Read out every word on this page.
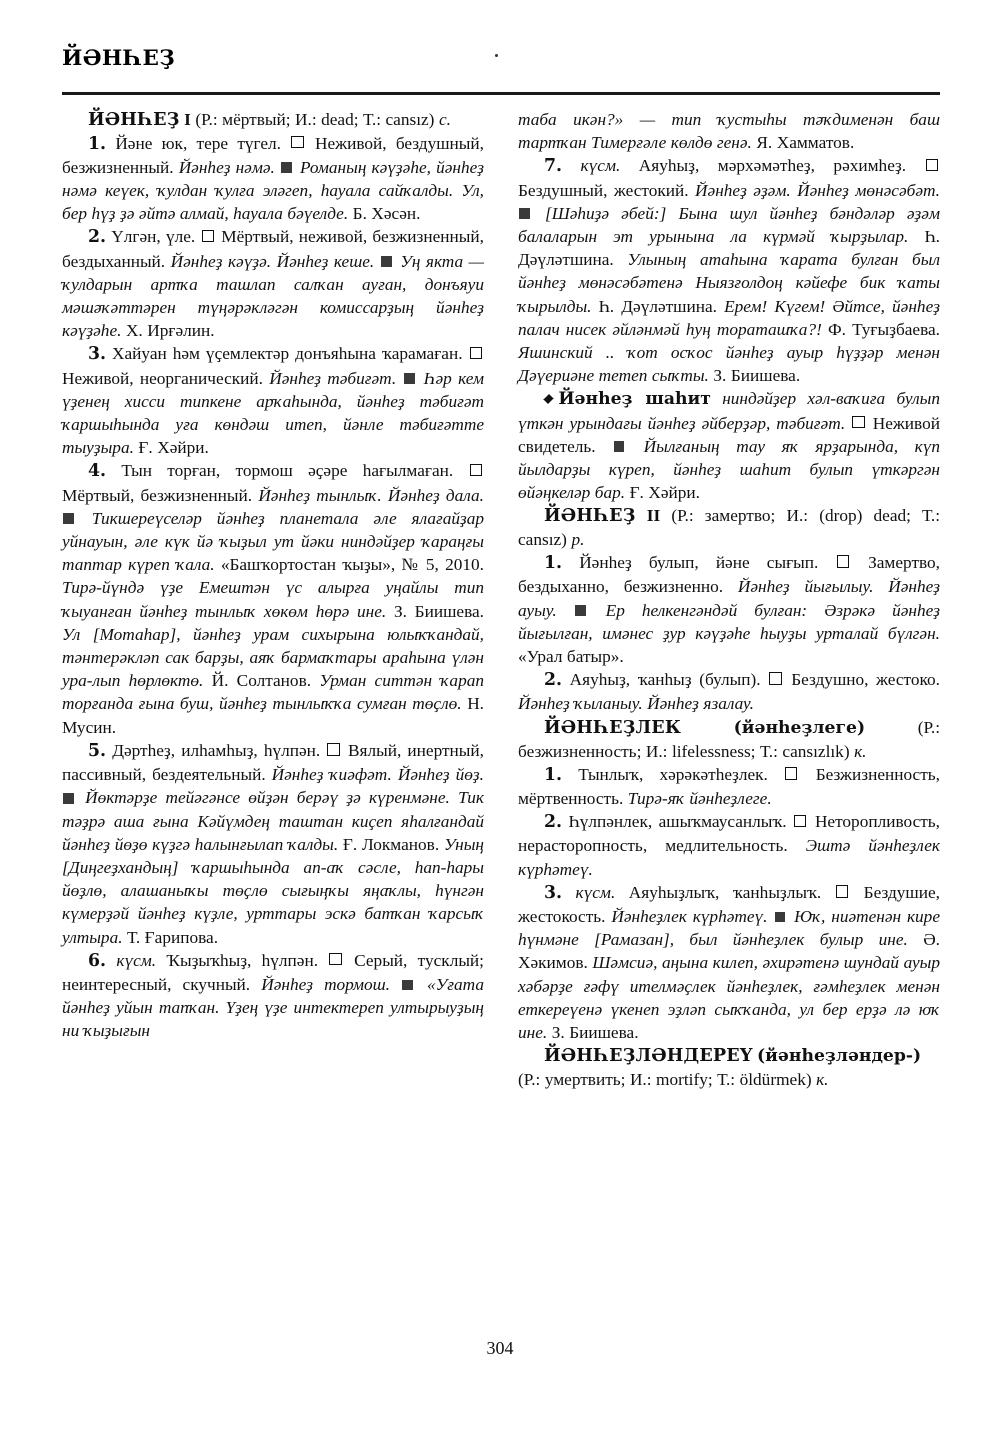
ЙӘНҺЕҘ

ЙӘНҺЕҘ I (Р.: мёртвый; И.: dead; Т.: cansız) с.

1. Йәне юк, тере түгел. Неживой, бездушный, безжизненный. Йәнһеҙ нәмә. Романың кәүҙәһе, йәнһеҙ нәмә кеүек, ҡулдан ҡулға эләгеп, һауала сайҡалды. Ул, бер һүҙ ҙә әйтә алмай, һауала бәүелде. Б. Хәсән.

2. Үлгән, үле. Мёртвый, неживой, безжизненный, бездыханный. Йәнһеҙ кәүҙә. Йәнһеҙ кеше. Уң якта — ҡулдарын артҡа ташлап салҡан ауған, донъяуи мәшәҡәттәрен түңәрәкләгән комиссарҙың йәнһеҙ кәүҙәһе. Х. Ирғәлин.

3. Хайуан һәм үҫемлектәр донъяһына ҡарамаған.  Неживой, неорганический. Йәнһеҙ тәбиғәт. Һәр кем үҙенең хисси типкене арҡаһында, йәнһеҙ тәбиғәт ҡаршыһында уға көндәш итеп, йәнле тәбиғәтте тыуҙыра. Ғ. Хәйри.

4. Тын торған, тормош әҫәре һағылмаған.  Мёртвый, безжизненный. Йәнһеҙ тынлыҡ. Йәнһеҙ дала.  Тикшереүселәр йәнһеҙ планетала әле ялағайҙар уйнауын, әле күк йә ҡыҙыл ут йәки ниндәйҙер ҡараңғы таптар күреп ҡала. «Башҡортостан ҡыҙы», № 5, 2010. Тирә-йүндә үҙе Емештән үс алырға уңайлы тип ҡыуанған йәнһеҙ тынлыҡ хөкөм һөрә ине. З. Биишева. Ул [Мотаһар], йәнһеҙ урам сихырына юлыҡҡандай, тәнтерәкләп сак барҙы, аяҡ бармаҡтары араһына үлән ура-лып һөрлөктө. Й. Солтанов. Урман ситтән ҡарап торғанда ғына буш, йәнһеҙ тынлыҡҡа сумған төҫлө. Н. Мусин.

5. Дәртһеҙ, илһамһыҙ, һүлпән. Вялый, инертный, пассивный, бездеятельный. Йәнһеҙ ҡиәфәт. Йәнһеҙ йөҙ.  Йөктәрҙе тейәгәнсе өйҙән берәү ҙә күренмәне. Тик тәҙрә аша ғына Кәйүмдең таштан киҫеп яһалғандай йәнһеҙ йөҙө күҙгә һалынғылап ҡалды. Ғ. Локманов. Уның [Диңгеҙхандың] ҡаршыһында ап-аҡ сәсле, һап-һары йөҙлө, алашаныҡы төҫлө сығыңҡы яңаҡлы, һүнгән күмерҙәй йәнһеҙ күҙле, урттары эскә батҡан ҡарсыҡ ултыра. Т. Ғарипова.

6. күсм. Ҡыҙыҡһыҙ, һүлпән. Серый, тусклый; неинтересный, скучный. Йәнһеҙ тормош. «Уғата йәнһеҙ уйын тапҡан. Үҙең үҙе интектереп ултырыуҙың ни ҡыҙығын

таба икән?» — тип ҡустыһы тәҡдименән баш тартҡан Тимерғәле көлдө генә. Я. Хамматов.

7. күсм. Аяуһыҙ, мәрхәмәтһеҙ, рәхимһеҙ.  Бездушный, жестокий. Йәнһеҙ әҙәм. Йәнһеҙ мөнәсәбәт.  [Шәһиҙә әбей:] Бына шул йәнһеҙ бәндәләр әҙәм балаларын эт урынына ла күрмәй ҡырҙылар. Һ. Дәүләтшина. Улының атаһына ҡарата булған был йәнһеҙ мөнәсәбәтенә Ныязғолдоң кәйефе бик ҡаты ҡырылды. Һ. Дәүләтшина. Ерем! Күгем! Әйтсе, йәнһеҙ палач нисек әйләнмәй һуң тораташҡа?! Ф. Туғыҙбаева. Яшинский .. ҡот осҡос йәнһеҙ ауыр һүҙҙәр менән Дәүериәне тетеп сыҡты. З. Биишева.

Йәнһеҙ шаһит ниндәйҙер хәл-ваҡиға булып үткән урындағы йәнһеҙ әйберҙәр, тәбиғәт. Неживой свидетель.	Йылғаның тау яҡ ярҙарында, күп йылдарҙы күреп, йәнһеҙ шаһит булып үткәргән өйәңкеләр бар. Ғ. Хәйри.

ЙӘНҺЕҘ II (Р.: замертво; И.: (drop) dead; Т.: cansız) р.

1. Йәнһеҙ булып, йәне сығып.	Замертво, бездыханно, безжизненно. Йәнһеҙ йығылыу. Йәнһеҙ ауыу.	Ер һелкенгәндәй булған: Әзрәкә йәнһеҙ йығылған, имәнес ҙур кәүҙәһе һыуҙы урталай бүлгән. «Урал батыр».

2. Аяуһыҙ, ҡанһыҙ (булып). Бездушно, жестоко. Йәнһеҙ ҡыланыу. Йәнһеҙ язалау.

ЙӘНҺЕҘЛЕК	(йәнһеҙлеге)	(Р.: безжизненность; И.: lifelessness; Т.: cansızlık) к.

1. Тынлыҡ, хәрәкәтһеҙлек.	Безжизненность, мёртвенность. Тирә-яҡ йәнһеҙлеге.

2. Һүлпәнлек, ашыҡмаусанлыҡ. Неторопливость, нерасторопность, медлительность. Эштә йәнһеҙлек күрһәтеү.

3. күсм. Аяуһыҙлыҡ, ҡанһыҙлыҡ. Бездушие, жестокость. Йәнһеҙлек күрһәтеү. Юҡ, ниәтенән кире һүнмәне [Рамазан], был йәнһеҙлек булыр ине. Ә. Хәкимов. Шәмсиә, аңына килеп, әхирәтенә шундай ауыр хәбәрҙе ғәфү ителмәҫлек йәнһеҙлек, ғәмһеҙлек менән еткереүенә үкенеп эҙләп сыҡҡанда, ул бер ерҙә лә юҡ ине. З. Биишева.

ЙӘНҺЕҘЛӘНДЕРЕҮ (йәнһеҙләндер-)
(Р.: умертвить; И.: mortify; Т.: öldürmek) к.

304
